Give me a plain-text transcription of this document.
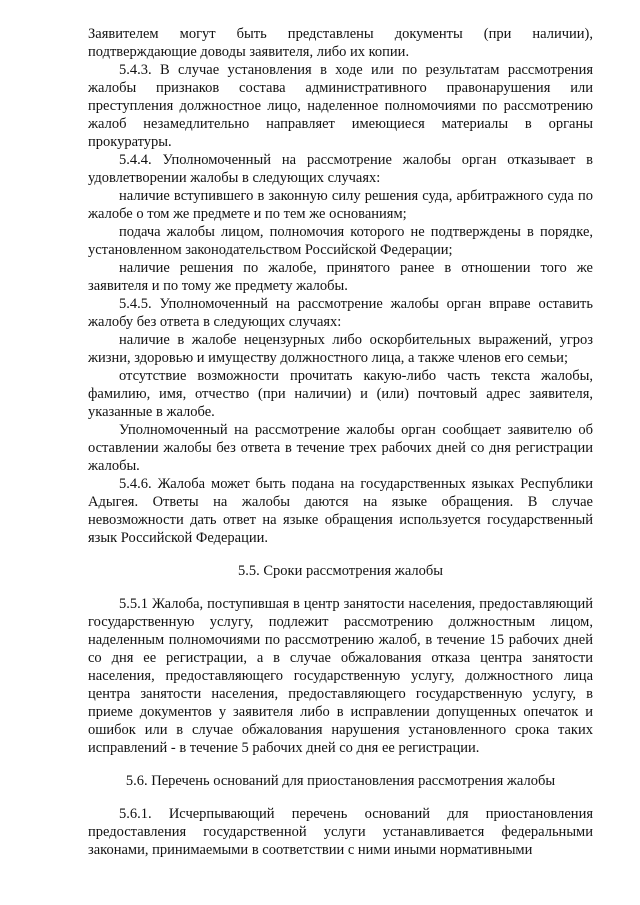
Заявителем могут быть представлены документы (при наличии), подтверждающие доводы заявителя, либо их копии.

5.4.3. В случае установления в ходе или по результатам рассмотрения жалобы признаков состава административного правонарушения или преступления должностное лицо, наделенное полномочиями по рассмотрению жалоб незамедлительно направляет имеющиеся материалы в органы прокуратуры.

5.4.4. Уполномоченный на рассмотрение жалобы орган отказывает в удовлетворении жалобы в следующих случаях:

наличие вступившего в законную силу решения суда, арбитражного суда по жалобе о том же предмете и по тем же основаниям;

подача жалобы лицом, полномочия которого не подтверждены в порядке, установленном законодательством Российской Федерации;

наличие решения по жалобе, принятого ранее в отношении того же заявителя и по тому же предмету жалобы.

5.4.5. Уполномоченный на рассмотрение жалобы орган вправе оставить жалобу без ответа в следующих случаях:

наличие в жалобе нецензурных либо оскорбительных выражений, угроз жизни, здоровью и имуществу должностного лица, а также членов его семьи;

отсутствие возможности прочитать какую-либо часть текста жалобы, фамилию, имя, отчество (при наличии) и (или) почтовый адрес заявителя, указанные в жалобе.

Уполномоченный на рассмотрение жалобы орган сообщает заявителю об оставлении жалобы без ответа в течение трех рабочих дней со дня регистрации жалобы.

5.4.6. Жалоба может быть подана на государственных языках Республики Адыгея. Ответы на жалобы даются на языке обращения. В случае невозможности дать ответ на языке обращения используется государственный язык Российской Федерации.

5.5. Сроки рассмотрения жалобы

5.5.1 Жалоба, поступившая в центр занятости населения, предоставляющий государственную услугу, подлежит рассмотрению должностным лицом, наделенным полномочиями по рассмотрению жалоб, в течение 15 рабочих дней со дня ее регистрации, а в случае обжалования отказа центра занятости населения, предоставляющего государственную услугу, должностного лица центра занятости населения, предоставляющего государственную услугу, в приеме документов у заявителя либо в исправлении допущенных опечаток и ошибок или в случае обжалования нарушения установленного срока таких исправлений - в течение 5 рабочих дней со дня ее регистрации.

5.6. Перечень оснований для приостановления рассмотрения жалобы

5.6.1. Исчерпывающий перечень оснований для приостановления предоставления государственной услуги устанавливается федеральными законами, принимаемыми в соответствии с ними иными нормативными
